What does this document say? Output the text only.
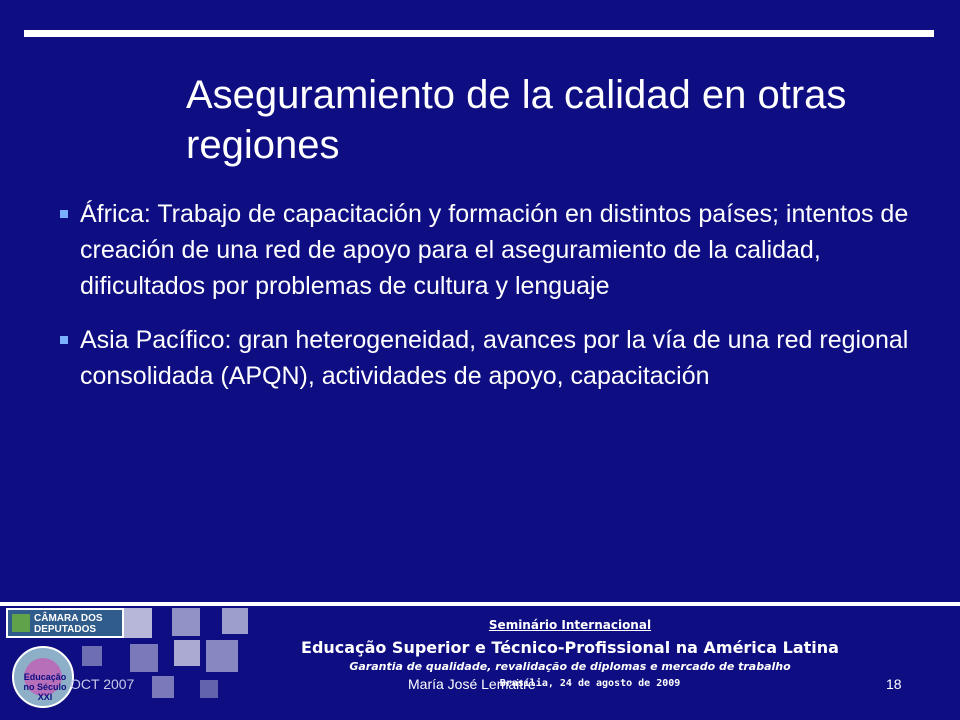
Aseguramiento de la calidad en otras regiones
África: Trabajo de capacitación y formación en distintos países; intentos de creación de una red de apoyo para el aseguramiento de la calidad, dificultados por problemas de cultura y lenguaje
Asia Pacífico: gran heterogeneidad, avances por la vía de una red regional consolidada (APQN), actividades de apoyo, capacitación
CÂMARA DOS DEPUTADOS
Educação no Século XXI
OCT 2007
Seminário Internacional
Educação Superior e Técnico-Profissional na América Latina
Garantia de qualidade, revalidação de diplomas e mercado de trabalho
Brasília, 24 de agosto de 2009
María José Lemaitre	18
